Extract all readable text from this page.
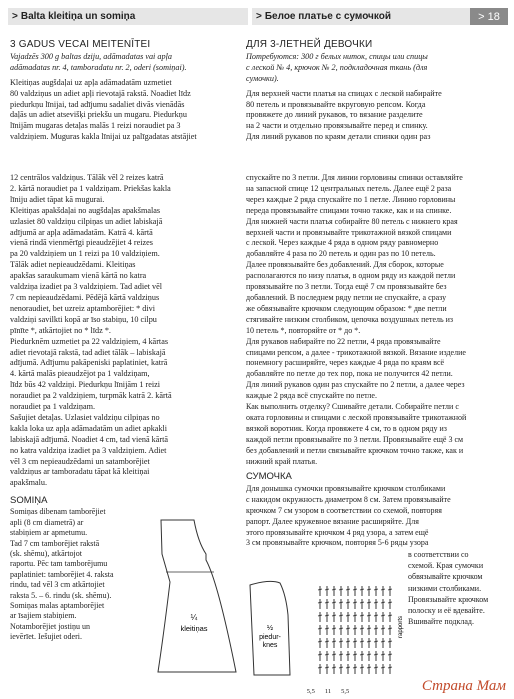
> Balta kleitiņa un somiņa	> Белое платье с сумочкой	>
18
3 GADUS VECAI MEITENĪTEI
Vajadzēs 300 g baltas dziju, adāmadatas vai apļa
adāmadatas nr. 4, tamboradatu nr. 2, oderi (somiņai).
Kleitiņas augšdaļai uz apļa adāmadatām uzmetiet
80 valdziņus un adiet apļi rievotajā rakstā. Noadiet līdz
piedurkņu līnijai, tad adījumu sadaliet divās vienādās
daļās un adiet atsevišķi priekšu un mugaru. Piedurkņu
līnijām mugaras detaļas malās 1 reizi noraudiet pa 3
valdziņiem. Muguras kakla līnijai uz palīgadatas atstājiet
ДЛЯ 3-ЛЕТНЕЙ ДЕВОЧКИ
Потребуются: 300 г белых ниток, спицы или спицы
с леской № 4, крючок № 2, подкладочная ткань (для
сумочки).
Для верхней части платья на спицах с леской набирайте
80 петель и провязывайте вкруговую репсом. Когда
провяжете до линий рукавов, то вязание разделите
на 2 части и отдельно провязывайте перед и спинку.
Для линий рукавов по краям детали спинки один раз
12 centrālos valdziņus. Tālāk vēl 2 reizes katrā
2. kārtā noraudiet pa 1 valdziņam. Priekšas kakla
līniju adiet tāpat kā mugurai.
Kleitiņas apakšdaļai no augšdaļas apakšmalas
uzlasiet 80 valdziņu cilpiņas un adiet labiskajā
adījumā ar apļa adāmadatām. Katrā 4. kārtā
vienā rindā vienmērīgi pieaudzējiet 4 reizes
pa 20 valdziņiem un 1 reizi pa 10 valdziņiem.
Tālāk adiet nepieaudzēdami. Kleitiņas
apakšas saraukumam vienā kārtā no katra
valdziņa izadiet pa 3 valdziņiem. Tad adiet vēl
7 cm nepieaudzēdami. Pēdējā kārtā valdziņus
nenoraudiet, bet uzreiz aptamborējiet: * divi
valdziņi savilkti kopā ar īso stabiņu, 10 cilpu
pīnīte *, atkārtojiet no * līdz *.
Piedurknēm uzmetiet pa 22 valdziņiem, 4 kārtas
adiet rievotajā rakstā, tad adiet tālāk – labiskajā
adījumā. Adījumu pakāpeniski paplatiniet, katrā
4. kārtā malās pieaudzējot pa 1 valdziņam,
līdz būs 42 valdziņi. Piedurkņu līnijām 1 reizi
noraudiet pa 2 valdziņiem, turpmāk katrā 2. kārtā
noraudiet pa 1 valdziņam.
Sašujiet detaļas. Uzlasiet valdziņu cilpiņas no
kakla loka uz apļa adāmadatām un adiet apkakli
labiskajā adījumā. Noadiet 4 cm, tad vienā kārtā
no katra valdziņa izadiet pa 3 valdziņiem. Adiet
vēl 3 cm nepieaudzēdami un satamborējiet
valdziņus ar tamboradatu tāpat kā kleitiņai
apakšmalu.
SOMIŅA
Somiņas dibenam tamborējiet
apli (8 cm diametrā) ar
stabiņiem ar apmetumu.
Tad 7 cm tamborējiet rakstā
(sk. shēmu), atkārtojot
raportu. Pēc tam tamborējumu
paplatiniet: tamborējiet 4. raksta
rindu, tad vēl 3 cm atkārtojiet
raksta 5. – 6. rindu (sk. shēmu).
Somiņas malas aptamborējiet
ar īsajiem stabiņiem.
Notamborējiet jostiņu un
ievērīet. Iešujiet oderi.
спускайте по 3 петли. Для линии горловины спинки оставляйте
на запасной спице 12 центральных петель. Далее ещё 2 раза
через каждые 2 ряда спускайте по 1 петле. Линию горловины
переда провязывайте спицами точно также, как и на спинке.
Для нижней части платья собирайте 80 петель с нижнего края
верхней части и провязывайте трикотажной вязкой спицами
с леской. Через каждые 4 ряда в одном ряду равномерно
добавляйте 4 раза по 20 петель и один раз по 10 петель.
Далее провязывайте без добавлений. Для сборок, которые
располагаются по низу платья, в одном ряду из каждой петли
провязывайте по 3 петли. Тогда ещё 7 см провязывайте без
добавлений. В последнем ряду петли не спускайте, а сразу
же обвязывайте крючком следующим образом: * две петли
стягивайте низким столбиком, цепочка воздушных петель из
10 петель *, повторяйте от * до *.
Для рукавов набирайте по 22 петли, 4 ряда провязывайте
спицами репсом, а далее - трикотажной вязкой. Вязание изделие
понемногу расширяйте, через каждые 4 ряда по краям всё
добавляйте по петле до тех пор, пока не получится 42 петли.
Для линий рукавов один раз спускайте по 2 петли, а далее через
каждые 2 ряда всё спускайте по петле.
Как выполнить отделку? Сшивайте детали. Собирайте петли с
оката горловины и спицами с леской провязывайте трикотажной
вязкой воротник. Когда провяжете 4 см, то в одном ряду из
каждой петли провязывайте по 3 петли. Провязывайте ещё 3 см
без добавлений и петли связывайте крючком точно также, как и
нижний край платья.
СУМОЧКА
Для донышка сумочки провязывайте крючком столбиками
с накидом окружность диаметром 8 см. Затем провязывайте
крючком 7 см узором в соответствии со схемой, повторяя
рапорт. Далее кружевное вязание расширяйте. Для
этого провязывайте крючком 4 ряд узора, а затем ещё
3 см провязывайте крючком, повторяя 5-6 ряды узора
в соответствии со
схемой. Края сумочки
обвязывайте крючком
низкими столбиками.
Провязывайте крючком
полоску и её вдевайте.
Вшивайте подклад.
¼
kleitiņas	½
piedur-
knes
rapports
5,5 11 5,5	Страна Мам
